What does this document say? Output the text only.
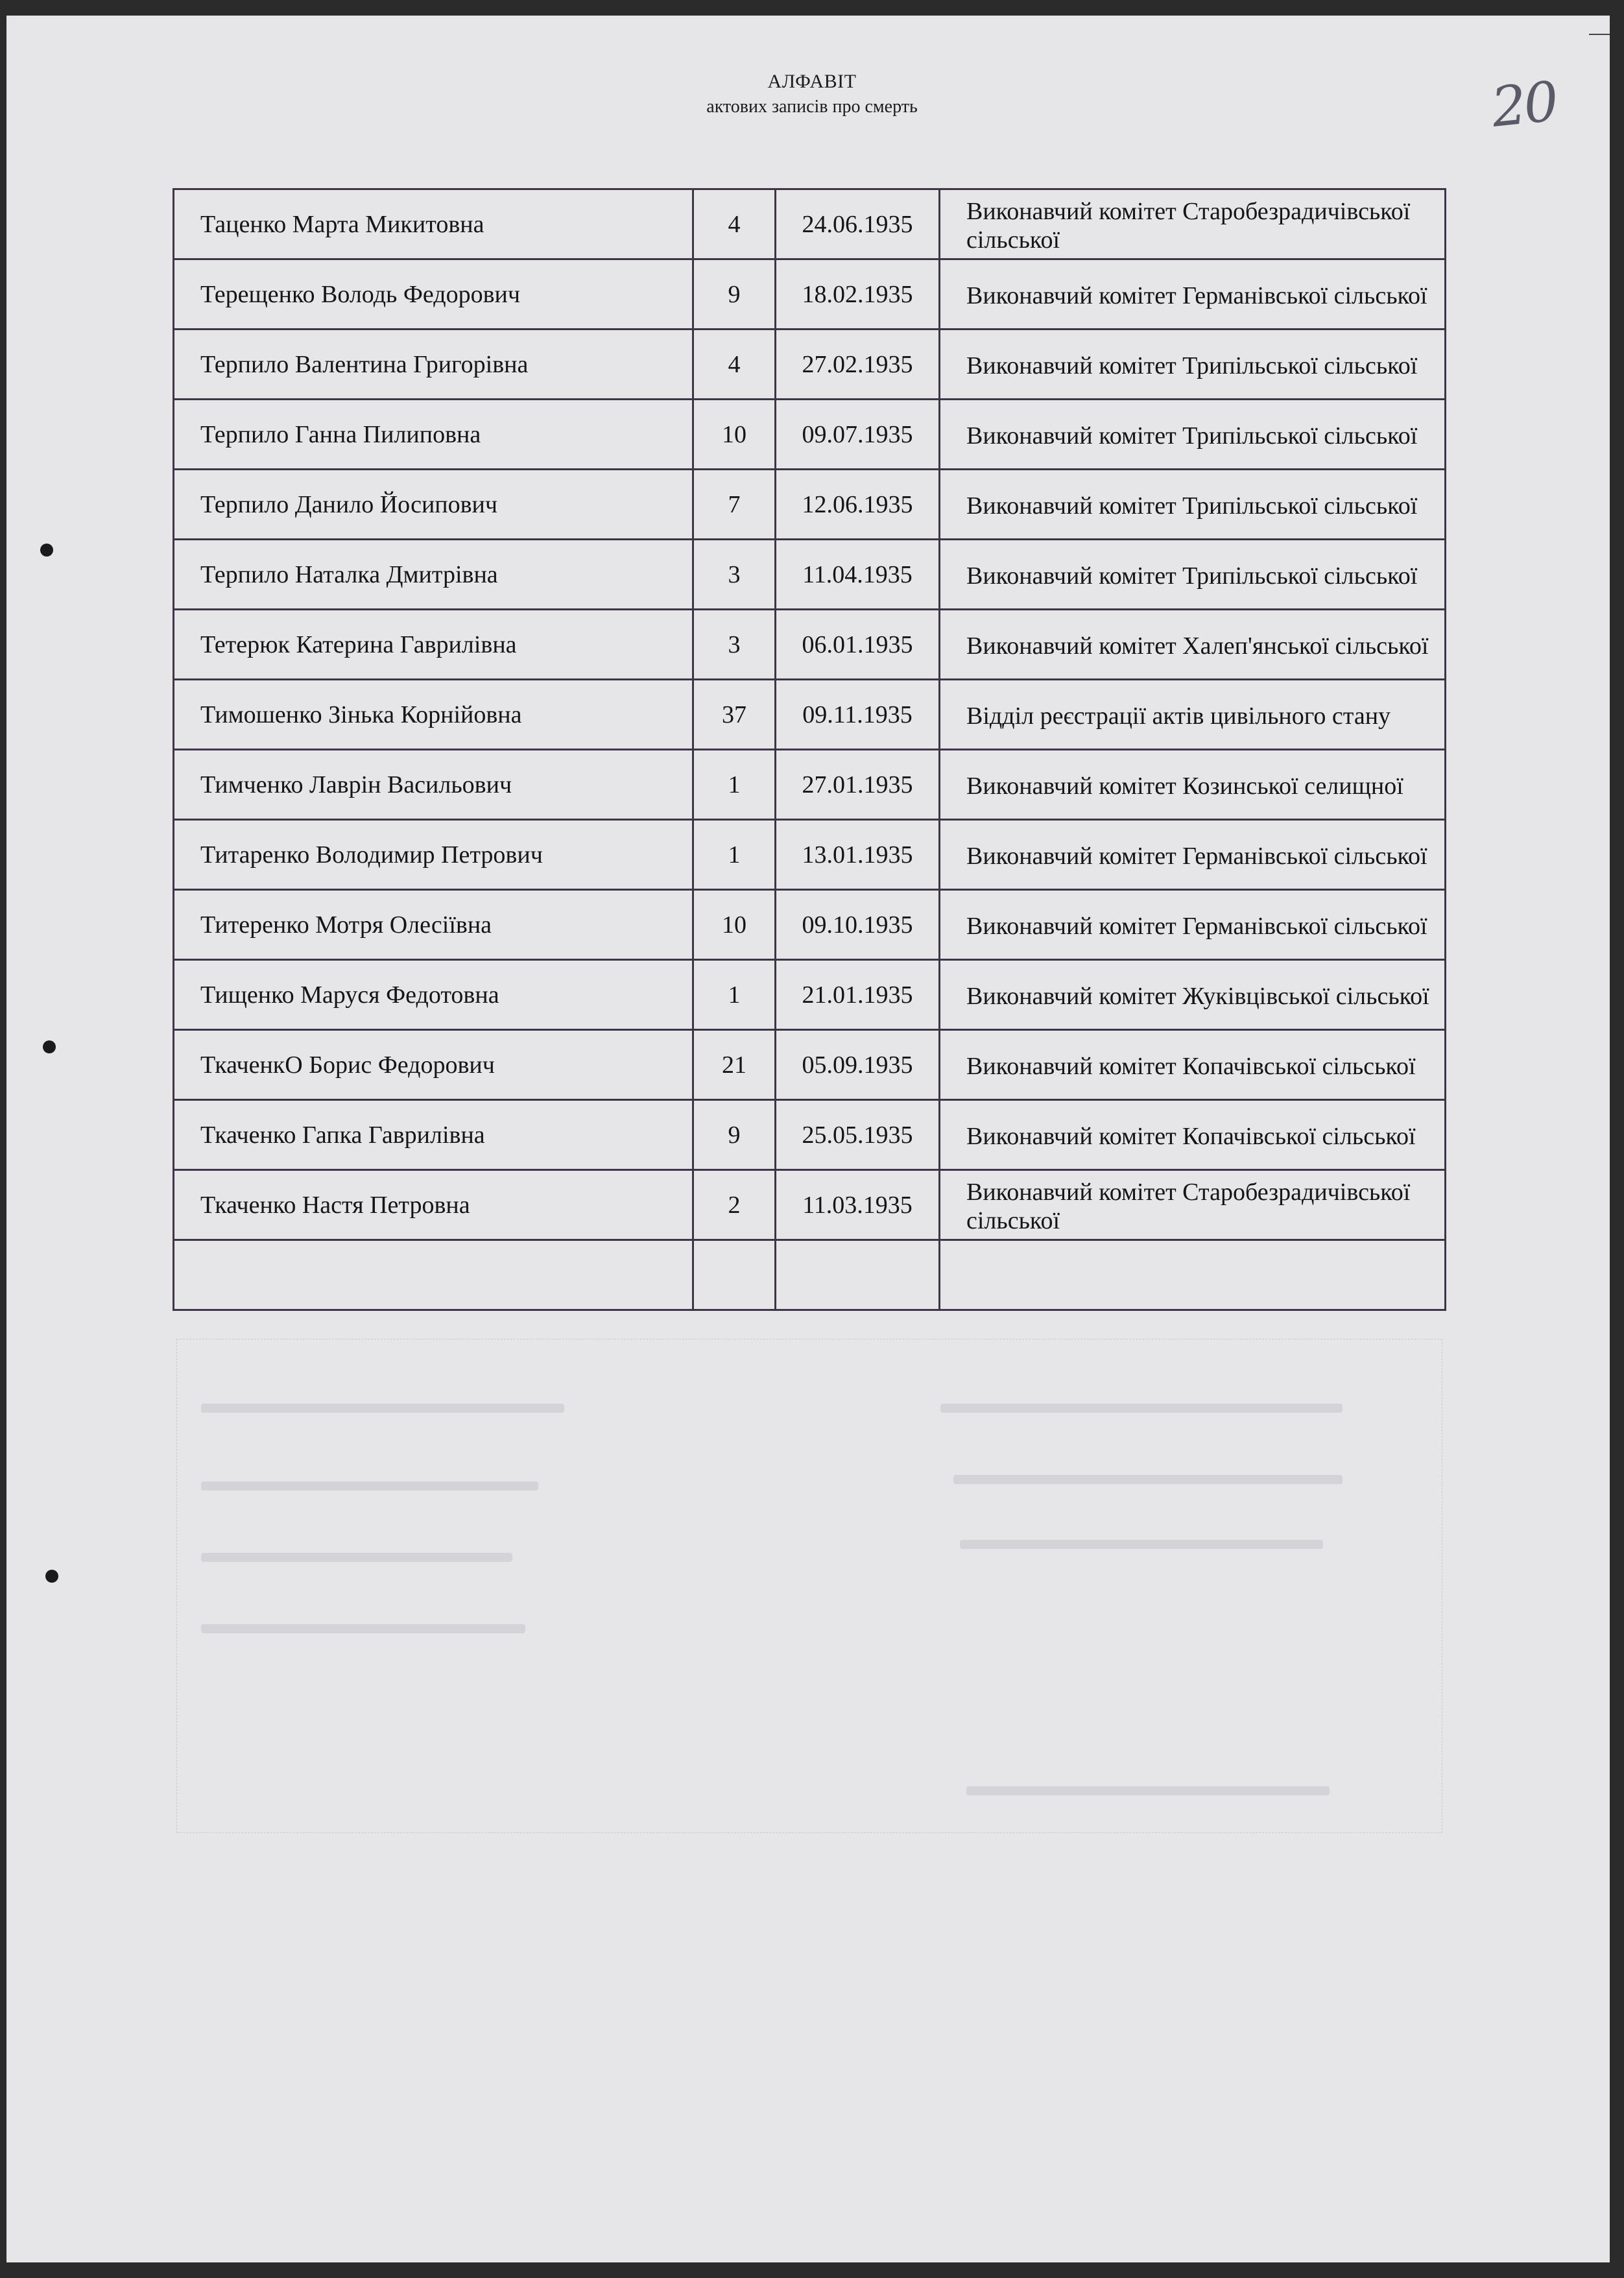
АЛФАВІТ
актових записів про смерть	20
Таценко Марта Микитовна	4	24.06.1935	Виконавчий комітет Старобезрадичівської сільської
Терещенко Володь Федорович	9	18.02.1935	Виконавчий комітет Германівської сільської
Терпило Валентина Григорівна	4	27.02.1935	Виконавчий комітет Трипільської сільської
Терпило Ганна Пилиповна	10	09.07.1935	Виконавчий комітет Трипільської сільської
Терпило Данило Йосипович	7	12.06.1935	Виконавчий комітет Трипільської сільської
Терпило Наталка Дмитрівна	3	11.04.1935	Виконавчий комітет Трипільської сільської
Тетерюк Катерина Гаврилівна	3	06.01.1935	Виконавчий комітет Халеп'янської сільської
Тимошенко Зінька Корнійовна	37	09.11.1935	Відділ реєстрації актів цивільного стану
Тимченко Лаврін Васильович	1	27.01.1935	Виконавчий комітет Козинської селищної
Титаренко Володимир Петрович	1	13.01.1935	Виконавчий комітет Германівської сільської
Титеренко Мотря Олесіївна	10	09.10.1935	Виконавчий комітет Германівської сільської
Тищенко Маруся Федотовна	1	21.01.1935	Виконавчий комітет Жуківцівської сільської
ТкаченкО Борис Федорович	21	05.09.1935	Виконавчий комітет Копачівської сільської
Ткаченко Гапка Гаврилівна	9	25.05.1935	Виконавчий комітет Копачівської сільської
Ткаченко Настя Петровна	2	11.03.1935	Виконавчий комітет Старобезрадичівської сільської
